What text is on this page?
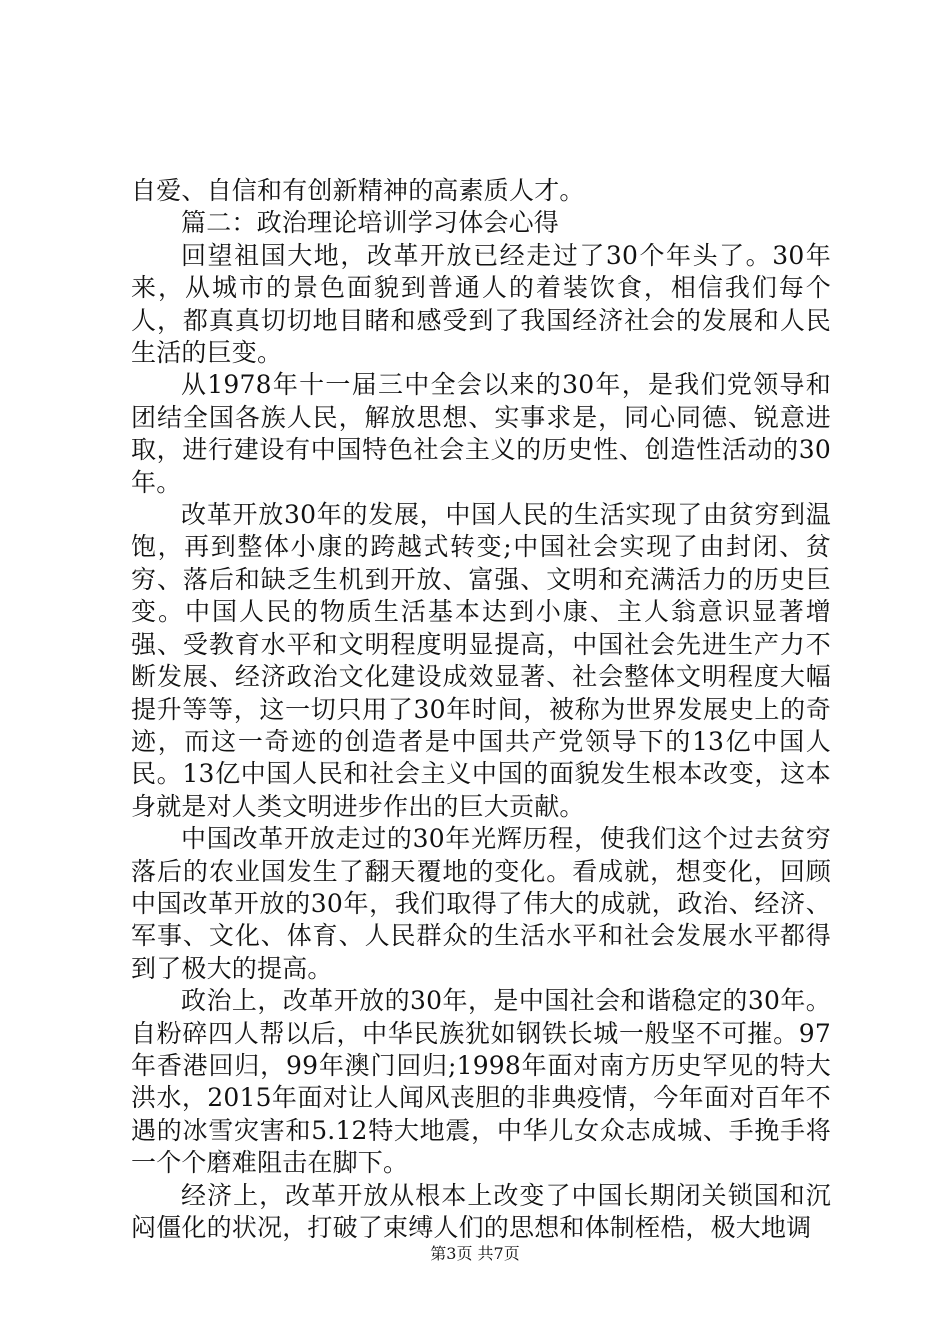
自爱、自信和有创新精神的高素质人才。

篇二：政治理论培训学习体会心得

回望祖国大地，改革开放已经走过了30个年头了。30年来，从城市的景色面貌到普通人的着装饮食，相信我们每个人，都真真切切地目睹和感受到了我国经济社会的发展和人民生活的巨变。

从1978年十一届三中全会以来的30年，是我们党领导和团结全国各族人民，解放思想、实事求是，同心同德、锐意进取，进行建设有中国特色社会主义的历史性、创造性活动的30年。

改革开放30年的发展，中国人民的生活实现了由贫穷到温饱，再到整体小康的跨越式转变;中国社会实现了由封闭、贫穷、落后和缺乏生机到开放、富强、文明和充满活力的历史巨变。中国人民的物质生活基本达到小康、主人翁意识显著增强、受教育水平和文明程度明显提高，中国社会先进生产力不断发展、经济政治文化建设成效显著、社会整体文明程度大幅提升等等，这一切只用了30年时间，被称为世界发展史上的奇迹，而这一奇迹的创造者是中国共产党领导下的13亿中国人民。13亿中国人民和社会主义中国的面貌发生根本改变，这本身就是对人类文明进步作出的巨大贡献。

中国改革开放走过的30年光辉历程，使我们这个过去贫穷落后的农业国发生了翻天覆地的变化。看成就，想变化，回顾中国改革开放的30年，我们取得了伟大的成就，政治、经济、军事、文化、体育、人民群众的生活水平和社会发展水平都得到了极大的提高。

政治上，改革开放的30年，是中国社会和谐稳定的30年。自粉碎四人帮以后，中华民族犹如钢铁长城一般坚不可摧。97年香港回归，99年澳门回归;1998年面对南方历史罕见的特大洪水，2015年面对让人闻风丧胆的非典疫情，今年面对百年不遇的冰雪灾害和5.12特大地震，中华儿女众志成城、手挽手将一个个磨难阻击在脚下。

经济上，改革开放从根本上改变了中国长期闭关锁国和沉闷僵化的状况，打破了束缚人们的思想和体制桎梏，极大地调

第3页 共7页
